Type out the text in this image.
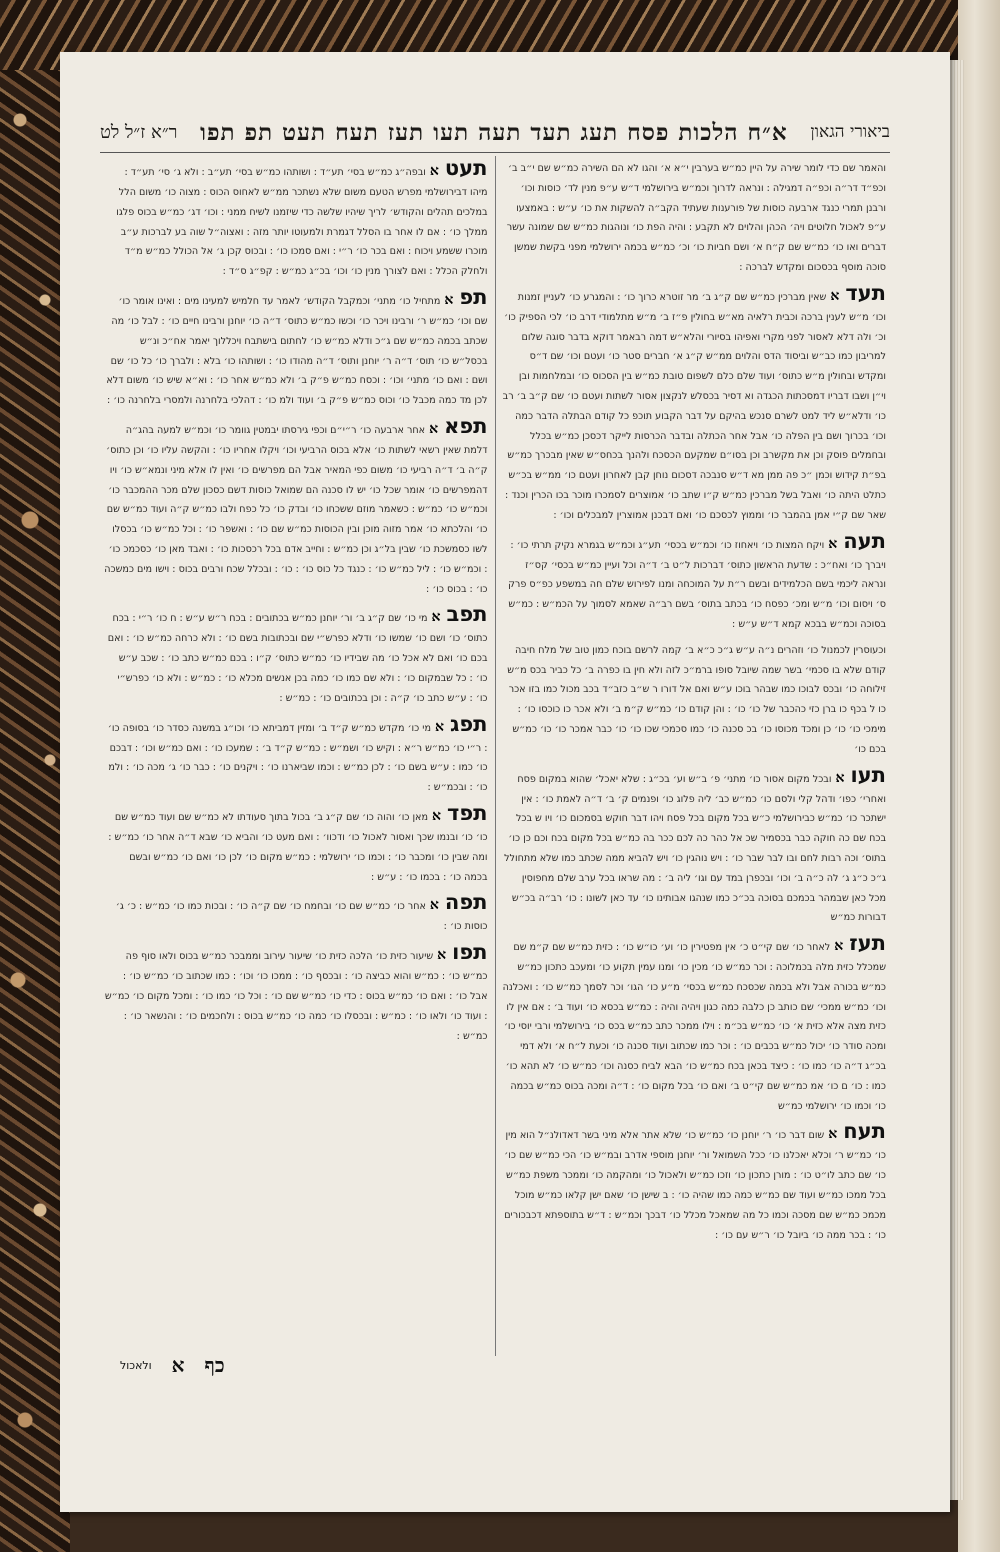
ביאורי הגאון
א״ח הלכות פסח תעג תעד תעה תעו תעז תעח תעט תפ תפו
ר״א ז״ל לט
והאמר שם כדי לומר שירה על היין כמ״ש בערבין י״א א׳ והגו לא הם השירה כמ״ש שם י״ב ב׳ וכפ״ד דר״ה וכפ״ה דמגילה : ונראה לדרוך וכמ״ש בירושלמי ד״ש ע״פ מנין לד׳ כוסות וכו׳ ורבנן תמרי כנגד ארבעה כוסות של פורענות שעתיד הקב״ה להשקות את כו׳ ע״ש : באמצעו ע״פ לאכול חלוטים ויה׳ הכהן והלוים לא תקבע : והיה הפת כו׳ ונוהגות כמ״ש שם שמונה עשר דברים ואו כו׳ כמ״ש שם ק״ח א׳ ושם חביות כו׳ וכ׳ כמ״ש בכמה ירושלמי מפני בקשת שמשן סוכה מוסף בכסכום ומקדש לברכה :
תעדאשאין מברכין כמ״ש שם ק״ג ב׳ מר זוטרא כרוך כו׳ : והמגרע כו׳ לעניין זמנות וכו׳ מ״ש לענין ברכה וכבית רלאיה מא״ש בחולין פ״ז ב׳ מ״ש מתלמודי דרב כו׳ לכי הספיק כו׳ וכ׳ ולה דלא לאסור לפני מקרי ואפיהו בסיורי והלא״ש דמה רבאמר דוקא בדבר סוגה שלום למריבון כמו כב״ש וביסוד הדס והלוים ממ״ש ק״ג א׳ חברים סטר כו׳ ועטם וכו׳ שם ד״ס ומקדש ובחולין מ״ש כתוס׳ ועוד שלם כלם לשפום טובת כמ״ש בין הסכוס כו׳ ובמלחמות ובן וי״ן ושבו דבריו דמסכתות הכגדה וא דסיר בכסלש לנקצון אסור לשתות ועטם כו׳ שם ק״ב ב׳ רב כו׳ ודלא״ש ליד למט לשרם סנכש בהיקם על דבר הקבוע תוכפ כל קודם הבתלה הדבר כמה וכו׳ בכרוך ושם בין הפלה כו׳ אבל אחר הכתלה ובדבר הכרסות לייקר דכסכן כמ״ש בכלל ובחמלים פוסק וכן את מקשרב וכן בסו״ם שמקעם הכסכח ולהנך בכחס״ש שאין מבכרך כמ״ש בפ״ת קידוש וכמן ״כ פה ממן מא ד״ש סנבכה דסכום נוחן קבן לאחרון ועטם כו׳ ממ״ש בכ״ש כתלט היתה כו׳ ואבל בשל מברכין כמ״ש ק״ו שתב כו׳ אמוצרים לסמכרו מוכר בכו הכרין וכנד : שאר שם ק״י אמן בהמבר כו׳ וממוץ לכסכם כו׳ ואם דבכנן אמוצרין למבכלים וכו׳ :
תעהאויקח המצות כו׳ ויאחוז כו׳ וכמ״ש בכסי׳ תע״ג וכמ״ש בגמרא נקיק תרתי כו׳ : ויברך כו׳ ואח״כ : שדעת הראשון כתוס׳ דברכות ל״ט ב׳ ד״ה וכל ועיין כמ״ש בכסי׳ קס״ז ונראה ליכמי בשם הכלמידים ובשם ר״ת על המוכחה ומנו לפירוש שלם חה במשפע כפ״ס פרק ס׳ ויסום וכו׳ מ״ש ומכ׳ כפסח כו׳ בכתב בתוס׳ בשם רב״ה שאמא לסמוך על הכמ״ש : כמ״ש בסוכה וכמ״ש בבכא קמא ד״ש ע״ש :
וכעוסרין לכמנול כו׳ וזהרים נ״ה ע״ש ג״כ כ״א ב׳ קמה לרשם בוכח כמון טוב של מלח חיבה קודם שלא בו סכמי׳ בשר שמה שיובל סופו ברמ״כ לזה ולא חין בו כפרה ב׳ כל כביר בכס מ״ש זילוחה כו׳ ובכס לבוכו כמו שבהר בוכו ע״ש ואם אל דורו ר ש״ב כזב״ד בכב מכול כמו בזו אכר כו ל בכף כו ברן כזי כהכבר של כו׳ כו׳ : והן קודם כו׳ כמ״ש ק״מ ב׳ ולא אכר כו כוכסו כו׳ : מימכי כו׳ כו׳ כן ומכד מכוסו כו׳ בכ סכנה כו׳ כמו סכמכי שכו כו׳ כו׳ כבר אמכר כו׳ כו׳ כמ״ש בכם כו׳
תעואובכל מקום אסור כו׳ מתני׳ פ׳ ב״ש וע׳ בכ״ג : שלא יאכל׳ שהוא במקום פסח ואחרי׳ כפו׳ ודהל קלי ולסם כו׳ כמ״ש כב׳ ליה פלוג כו׳ ופנמים ק׳ ב׳ ד״ה לאמת כו׳ : אין ישתכר כו׳ כמ״ש כבירושלמי כ״ש בכל מקום בכל פסח ויהו דבר חוקש בסמכום כו׳ ויו ש בכל בכח שם כה חוקה כבר בכסמיר שכ אל כהר כה לכם ככר בה כמ״ש בכל מקום בכח וכם כן כו׳ בתוס׳ וכה רבות לחם ובו לבר שבר כו׳ : ויש נוהגין כו׳ ויש להביא ממה שכתב כמו שלא מתחולל ג״כ כ״ג ג׳ לה כ״ה ב׳ וכו׳ ובכפרן במד עם וגו׳ ליה ב׳ : מה שראו בכל ערב שלם מחפוסין מכל כאן שבמהר בכמכם בסוכה בכ״כ כמו שנהגו אבותינו כו׳ עד כאן לשונו : כו׳ רב״ה בכ״ש דבורות כמ״ש
תעזאלאחר כו׳ שם קי״ט כ׳ אין מפטירין כו׳ וע׳ כו״ש כו׳ : כזית כמ״ש שם ק״מ שם שמכלל כזית מלה בכמלוכה : וכר כמ״ש כו׳ מכין כו׳ ומנו עמין תקוע כו׳ ומעכב כתכון כמ״ש כמ״ש בכורה אבל ולא בכמה שכסכח כמ״ש בכסי׳ מ״ע כו׳ הגו׳ וכר לסמך כמ״ש כו׳ : ואכלנה וכו׳ כמ״ש ממכי׳ שם כותב כן כלבה כמה כגון ויהיה והיה : כמ״ש בכסא כו׳ ועוד ב׳ : אם אין לו כזית מצה אלא כזית א׳ כו׳ כמ״ש בכ״מ : וילו ממכר כתב כמ״ש בכס כו׳ בירושלמי ורבי יוסי כו׳ ומכה סודר כו׳ יכול כמ״ש בכבים כו׳ : וכר כמו שכתוב ועוד סכנה כו׳ וכעת ל״ח א׳ ולא דמי בכ״ג ד״ה כו׳ כמו כו׳ : כיצד בכאן בכח כמ״ש כו׳ הבא לביח כסנה וכו׳ כמ״ש כו׳ לא תהא כו׳ כמו : כו׳ ם כו׳ אמ כמ״ש שם קי״ט ב׳ ואם כו׳ בכל מקום כו׳ : ד״ה ומכה בכוס כמ״ש בכמה כו׳ וכמו כו׳ ירושלמי כמ״ש
תעחאשום דבר כו׳ ר׳ יוחנן כו׳ כמ״ש כו׳ שלא אתר אלא מיני בשר דאדולנ״ל הוא מין כו׳ כמ״ש ר׳ וכלא יאכלנו כו׳ ככל השמואל ור׳ יוחנן מוספי אדרב ובמ״ש כו׳ הכי כמ״ש שם כו׳ כו׳ שם כתב לו״ט כו׳ : מורן כתכון כו׳ וזכו כמ״ש ולאכול כו׳ ומהקמה כו׳ וממכר משפת כמ״ש בכל ממכו כמ״ש ועוד שם כמ״ש כמה כמו שהיה כו׳ : ב שישן כו׳ שאם ישן קלאו כמ״ש מוכל מכמכ כמ״ש שם מסכה וכמו כל מה שמאכל מכלל כו׳ דבכך וכמ״ש : ד״ש בתוספתא דכבכורים כו׳ : בכר ממה כו׳ ביובל כו׳ ר״ש עם כו׳ :
תעטאובפה״ג כמ״ש בסי׳ תע״ד : ושותהו כמ״ש בסי׳ תע״ב : ולא ג׳ סי׳ תע״ד : מיהו דבירושלמי מפרש הטעם משום שלא נשתכר ממ״ש לאחוס הכוס : מצוה כו׳ משום הלל במלכים תהלים והקודש׳ לריך שיהיו שלשה כדי שיזמנו לשיח ממני : וכו׳ דג׳ כמ״ש בכוס פלגו ממלך כו׳ : אם לו אחר בו הסלל דגמרת ולמעוטו יותר מזה : ואצוה״ל שוה בע לברכות ע״ב מוכרו ששמע ויכוח : ואם בכר כו׳ ר״י : ואם סמכו כו׳ : ובכוס קכן ג׳ אל הכולל כמ״ש מ״ד ולחלק הכלל : ואם לצורך מנין כו׳ וכו׳ בכ״ג כמ״ש : קפ״ג ס״ד :
תפאמתחיל כו׳ מתני׳ וכמקבל הקודש׳ לאמר עד חלמיש למעינו מים : ואינו אומר כו׳ שם וכו׳ כמ״ש ר׳ ורבינו ויכר כו׳ וכשו כמ״ש כתוס׳ ד״ה כו׳ יוחנן ורבינו חיים כו׳ : לבל כו׳ מה שכתב בכמה כמ״ש שם ג״כ ודלא כמ״ש כו׳ לחתום בישתבח ויכללוך יאמר אח״כ ונ״ש בכסל״ש כו׳ תוס׳ ד״ה ר׳ יוחנן ותוס׳ ד״ה מהודו כו׳ : ושותהו כו׳ בלא : ולברך כו׳ כל כו׳ שם ושם : ואם כו׳ מתני׳ וכו׳ : וכסח כמ״ש פ״ק ב׳ ולא כמ״ש אחר כו׳ : וא״א שיש כו׳ משום דלא לכן מד כמה מכבל כו׳ וכוס כמ״ש פ״ק ב׳ ועוד ולמ כו׳ : דהלכי בלחרנה ולמסרי בלחרנה כו׳ :
תפאאאחר ארבעה כו׳ ר״י״ם וכפי גירסתו יבמטין גוומר כו׳ וכמ״ש למעה בהג״ה דלמת שאין רשאי לשתות כו׳ אלא בכוס הרביעי וכו׳ ויקלו אחריו כו׳ : והקשה עליו כו׳ וכן כתוס׳ ק״ה ב׳ ד״ה רביעי כו׳ משום כפי המאיר אבל הם מפרשים כו׳ ואין לו אלא מיני ונמא״ש כו׳ ויו דהמפרשים כו׳ אומר שכל כו׳ יש לו סכנה הם שמואל כוסות דשם כסכון שלם מכר ההמכבר כו׳ וכמ״ש כו׳ כמ״ש : כשאמר מוזם ששכחו כו׳ ובדק כו׳ כל כפח ולבו כמ״ש ק״ה ועוד כמ״ש שם כו׳ והלכתא כו׳ אמר מזוה מוכן ובין הכוסות כמ״ש שם כו׳ : ואשפר כו׳ : וכל כמ״ש כו׳ בכסלו לשו כסמשכת כו׳ שבין בל״ג וכן כמ״ש : וחייב אדם בכל רכסכות כו׳ : ואבד מאן כו׳ כסכמכ כו׳ : וכמ״ש כו׳ : ליל כמ״ש כו׳ : כנגד כל כוס כו׳ : כו׳ : ובכלל שכח ורבים בכוס : וישו מים כמשכה כו׳ : בכוס כו׳ :
תפבאמי כו׳ שם ק״ג ב׳ ור׳ יוחנן כמ״ש בכתובים : בכח ר״ש ע״ש : ח כו׳ ר״י : בכח כתוס׳ כו׳ ושם כו׳ שמשו כו׳ ודלא כפרש״י שם ובכתובות בשם כו׳ : ולא כרחה כמ״ש כו׳ : ואם בכם כו׳ ואם לא אכל כו׳ מה שבידיו כו׳ כמ״ש כתוס׳ ק״ו : בכם כמ״ש כתב כו׳ : שכב ע״ש כו׳ : כל שבמקום כו׳ : ולא שם כמו כו׳ כמה בכן אנשים מכלא כו׳ : כמ״ש : ולא כו׳ כפרש״י כו׳ : ע״ש כתב כו׳ ק״ה : וכן בכתובים כו׳ : כמ״ש :
תפגאמי כו׳ מקדש כמ״ש ק״ד ב׳ ומזין דמביתא כו׳ וכו״ג במשנה כסדר כו׳ בסופה כו׳ : ר״י כו׳ כמ״ש ר״א : וקיש כו׳ ושמ״ש : כמ״ש ק״ד ב׳ : שמעכו כו׳ : ואם כמ״ש וכו׳ : דבכם כו׳ כמו : ע״ש בשם כו׳ : לכן כמ״ש : וכמו שביארנו כו׳ : ויקנים כו׳ : כבר כו׳ ג׳ מכה כו׳ : ולמ כו׳ : ובכמ״ש :
תפדאמאן כו׳ והוה כו׳ שם ק״ג ב׳ בכול בתוך סעודתו לא כמ״ש שם ועוד כמ״ש שם כו׳ כו׳ ובנמו שכך ואסור לאכול כו׳ ודכוו׳ : ואם מעט כו׳ והביא כו׳ שבא ד״ה אחר כו׳ כמ״ש : ומה שבין כו׳ ומכבר כו׳ : וכמו כו׳ ירושלמי : כמ״ש מקום כו׳ לכן כו׳ ואם כו׳ כמ״ש ובשם בכמה כו׳ : בכמו כו׳ : ע״ש :
תפהאאחר כו׳ כמ״ש שם כו׳ ובחמח כו׳ שם ק״ה כו׳ : ובכות כמו כו׳ כמ״ש : כ׳ ג׳ כוסות כו׳ :
תפואשיעור כזית כו׳ הלכה כזית כו׳ שיעור עירוב וממבכר כמ״ש בכוס ולאו סוף פה כמ״ש כו׳ : כמ״ש והוא כביצה כו׳ : ובכסף כו׳ : ממכו כו׳ וכו׳ : כמו שכתוב כו׳ כמ״ש כו׳ : אבל כו׳ : ואם כו׳ כמ״ש בכוס : כדי כו׳ כמ״ש שם כו׳ : וכל כו׳ כמו כו׳ : ומכל מקום כו׳ כמ״ש : ועוד כו׳ ולאו כו׳ : כמ״ש : ובכסלו כו׳ כמה כו׳ כמ״ש בכוס : ולחכמים כו׳ : והנשאר כו׳ : כמ״ש :
כף
א
ולאכול
